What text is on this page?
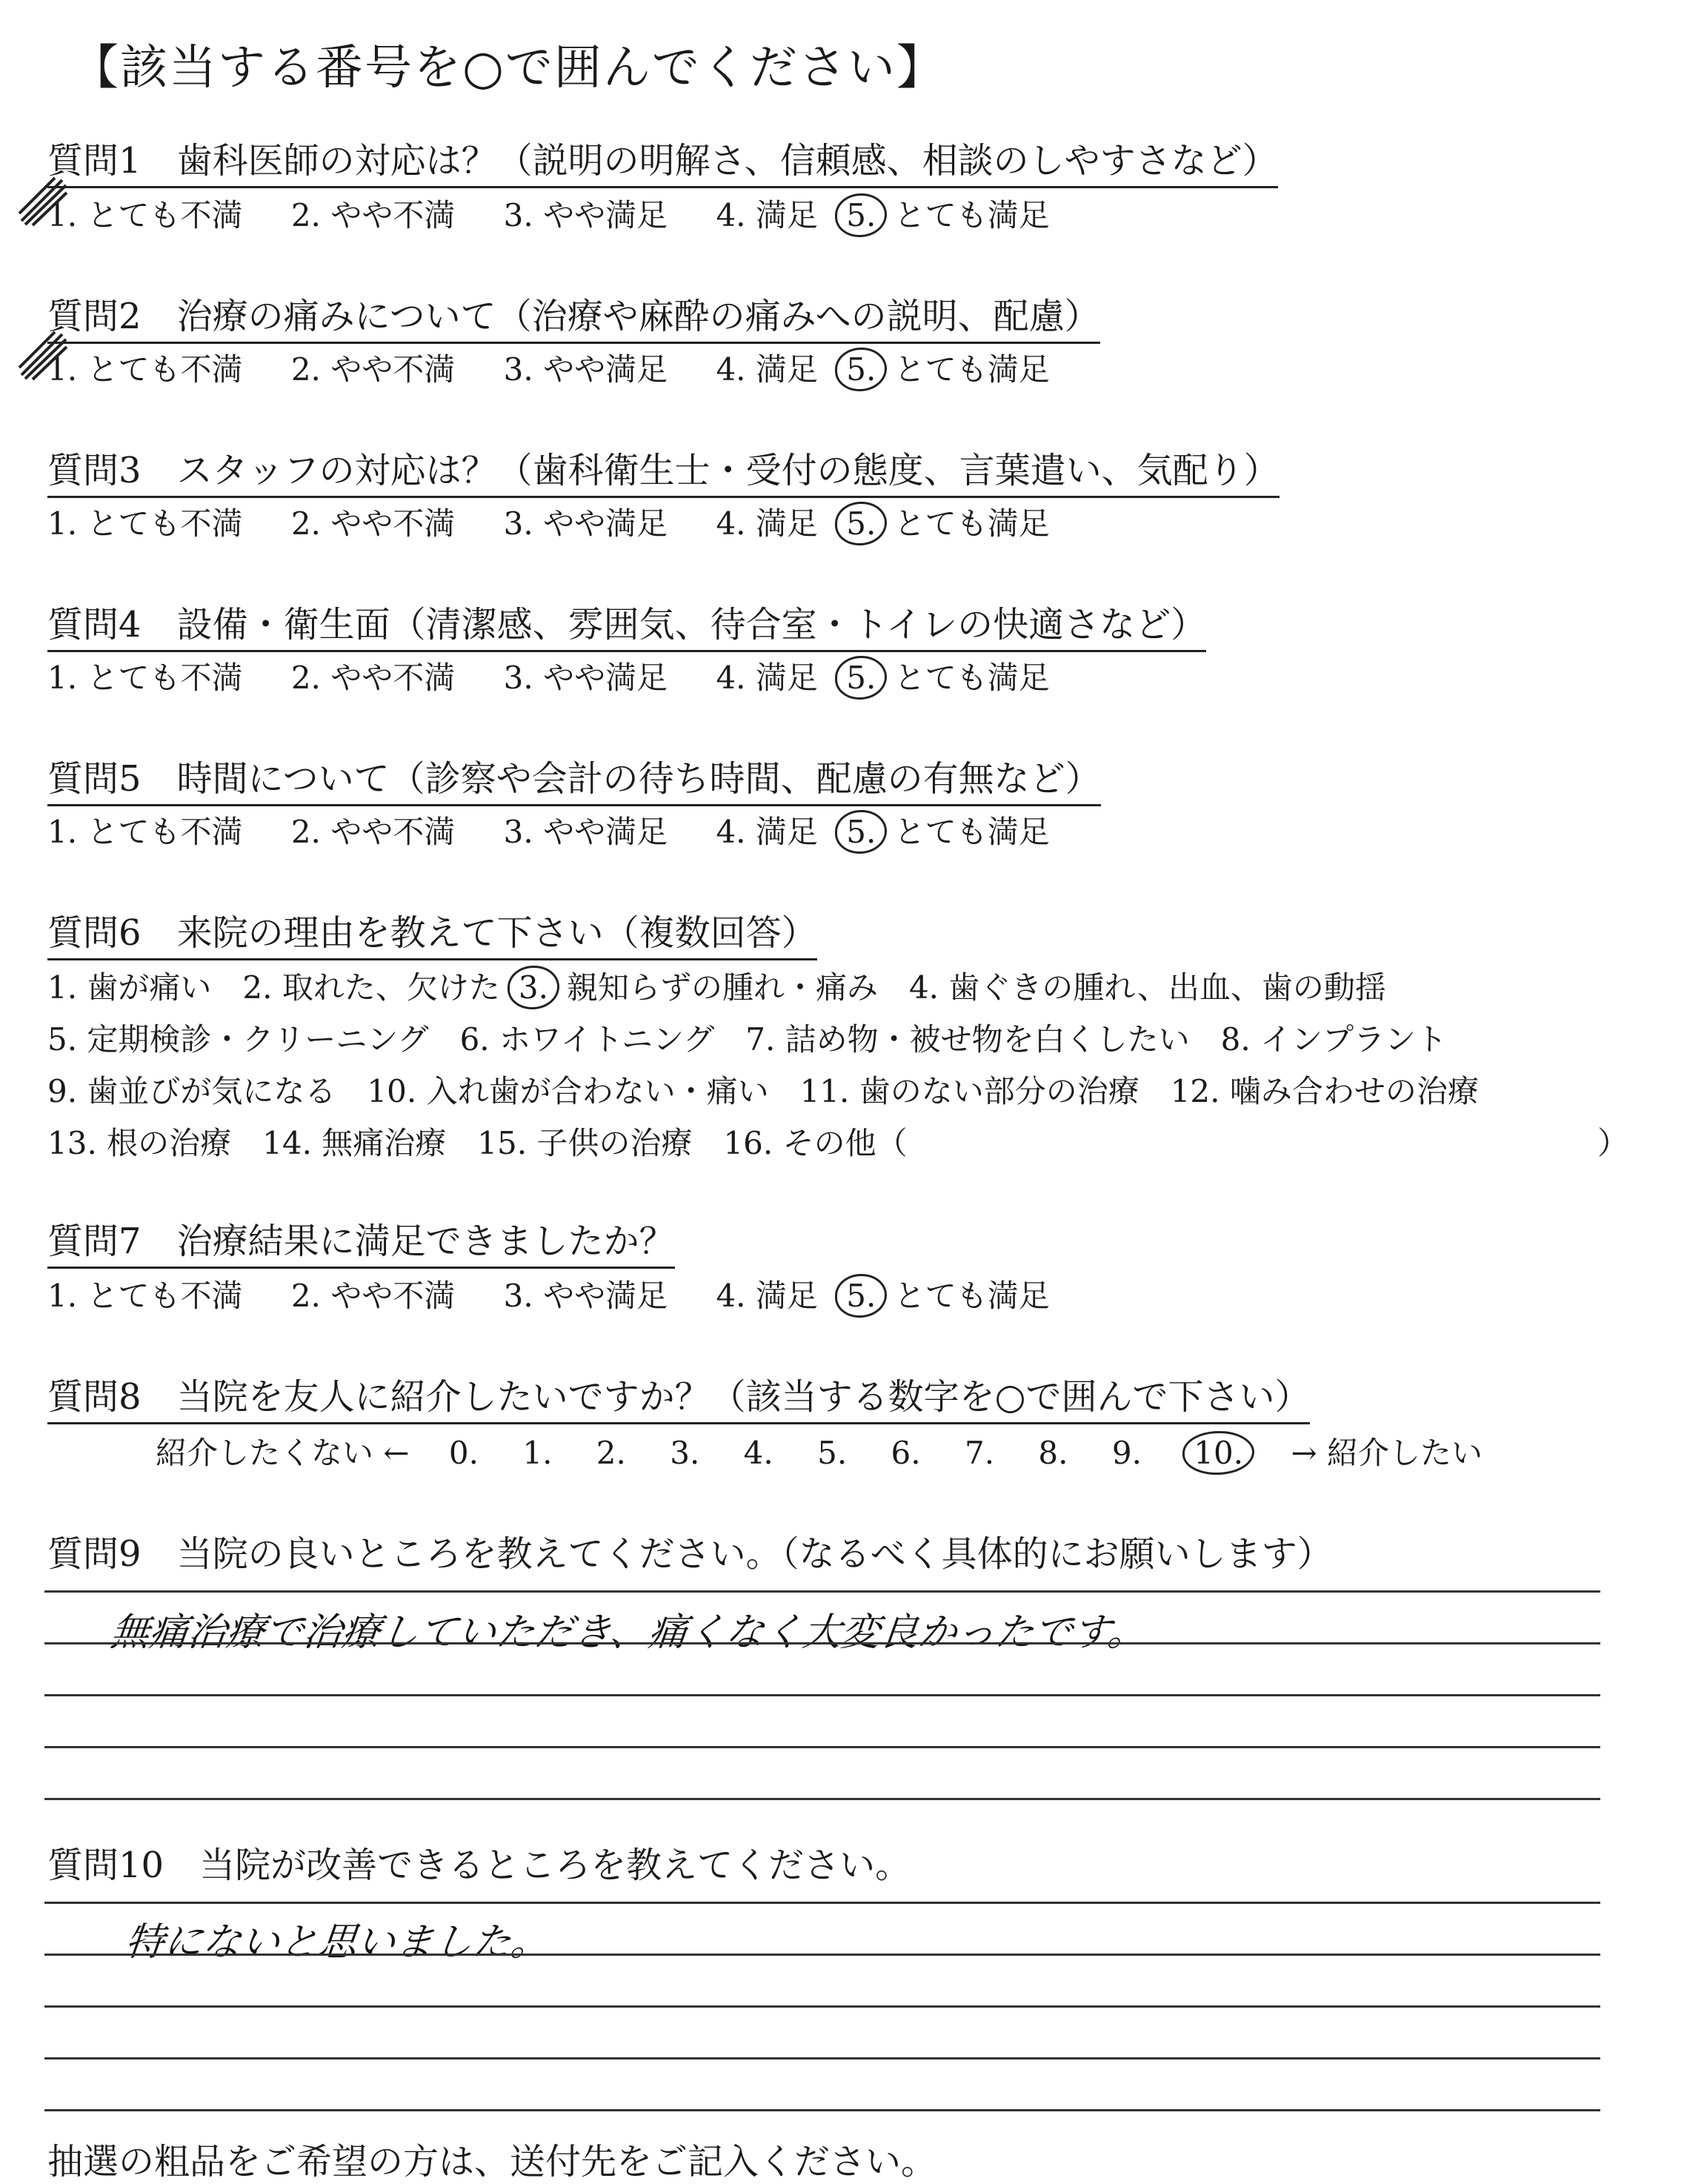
【該当する番号を○で囲んでください】
質問1　 歯科医師の対応は？（説明の明解さ、信頼感、相談のしやすさなど）
1. とても不満 2. やや不満 3. やや満足 4. 満足 5. とても満足
質問2　 治療の痛みについて（治療や麻酔の痛みへの説明、配慮）
1. とても不満 2. やや不満 3. やや満足 4. 満足 5. とても満足
質問3　 スタッフの対応は？（歯科衛生士・受付の態度、言葉遣い、気配り）
1. とても不満 2. やや不満 3. やや満足 4. 満足 5. とても満足
質問4　 設備・衛生面（清潔感、雰囲気、待合室・トイレの快適さなど）
1. とても不満 2. やや不満 3. やや満足 4. 満足 5. とても満足
質問5　 時間について（診察や会計の待ち時間、配慮の有無など）
1. とても不満 2. やや不満 3. やや満足 4. 満足 5. とても満足
質問6　 来院の理由を教えて下さい（複数回答）
1. 歯が痛い　2. 取れた、欠けた 3. 親知らずの腫れ・痛み　4. 歯ぐきの腫れ、出血、歯の動揺
5. 定期検診・クリーニング　6. ホワイトニング　7. 詰め物・被せ物を白くしたい　8. インプラント
9. 歯並びが気になる　10. 入れ歯が合わない・痛い　11. 歯のない部分の治療　12. 噛み合わせの治療
13. 根の治療　14. 無痛治療　15. 子供の治療　16. その他（	）
質問7　 治療結果に満足できましたか？
1. とても不満 2. やや不満 3. やや満足 4. 満足 5. とても満足
質問8　 当院を友人に紹介したいですか？（該当する数字を○で囲んで下さい）
紹介したくない ← 0. 1. 2. 3. 4. 5. 6. 7. 8. 9. 10. → 紹介したい
質問9　 当院の良いところを教えてください。（なるべく具体的にお願いします）
無痛治療で治療していただき、痛くなく大変良かったです。
質問10　 当院が改善できるところを教えてください。
特にないと思いました。
抽選の粗品をご希望の方は、送付先をご記入ください。
